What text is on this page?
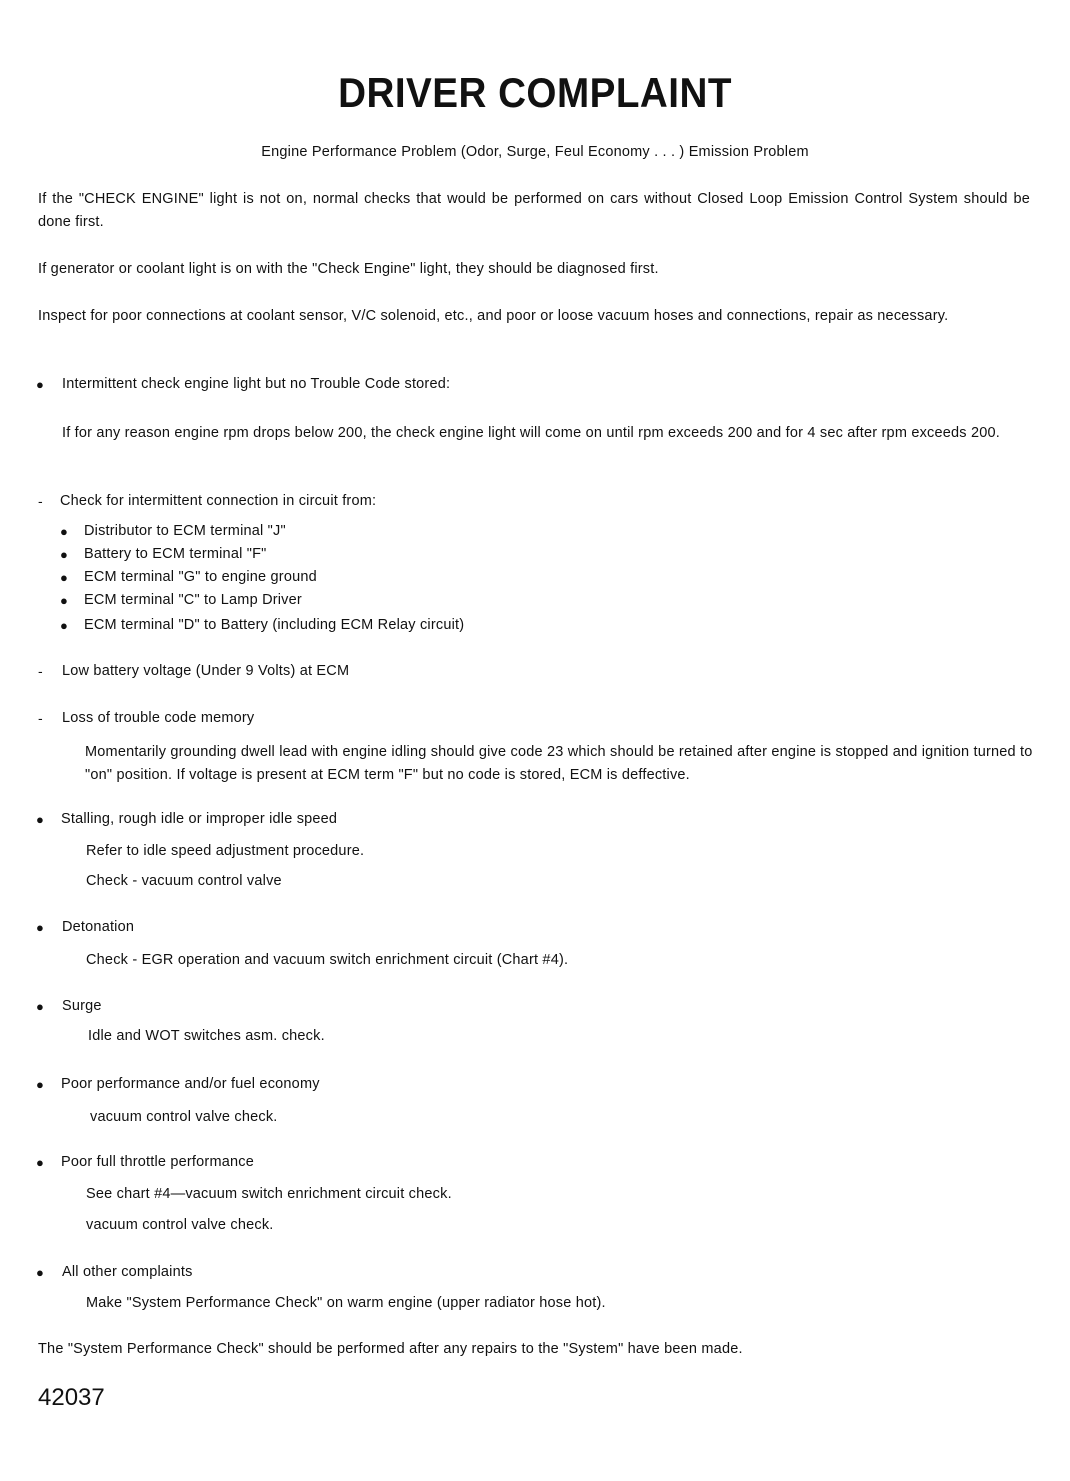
DRIVER COMPLAINT
Engine Performance Problem (Odor, Surge, Feul Economy . . . ) Emission Problem
If the "CHECK ENGINE" light is not on, normal checks that would be performed on cars without Closed Loop Emission Control System should be done first.
If generator or coolant light is on with the "Check Engine" light, they should be diagnosed first.
Inspect for poor connections at coolant sensor, V/C solenoid, etc., and poor or loose vacuum hoses and connections, repair as necessary.
● Intermittent check engine light but no Trouble Code stored:
If for any reason engine rpm drops below 200, the check engine light will come on until rpm exceeds 200 and for 4 sec after rpm exceeds 200.
- Check for intermittent connection in circuit from:
● Distributor to ECM terminal "J"
● Battery to ECM terminal "F"
● ECM terminal "G" to engine ground
● ECM terminal "C" to Lamp Driver
● ECM terminal "D" to Battery (including ECM Relay circuit)
- Low battery voltage (Under 9 Volts) at ECM
- Loss of trouble code memory
Momentarily grounding dwell lead with engine idling should give code 23 which should be retained after engine is stopped and ignition turned to "on" position. If voltage is present at ECM term "F" but no code is stored, ECM is deffective.
● Stalling, rough idle or improper idle speed
Refer to idle speed adjustment procedure.
Check - vacuum control valve
● Detonation
Check - EGR operation and vacuum switch enrichment circuit (Chart #4).
● Surge
Idle and WOT switches asm. check.
● Poor performance and/or fuel economy
vacuum control valve check.
● Poor full throttle performance
See chart #4—vacuum switch enrichment circuit check.
vacuum control valve check.
● All other complaints
Make "System Performance Check" on warm engine (upper radiator hose hot).
The "System Performance Check" should be performed after any repairs to the "System" have been made.
42037
